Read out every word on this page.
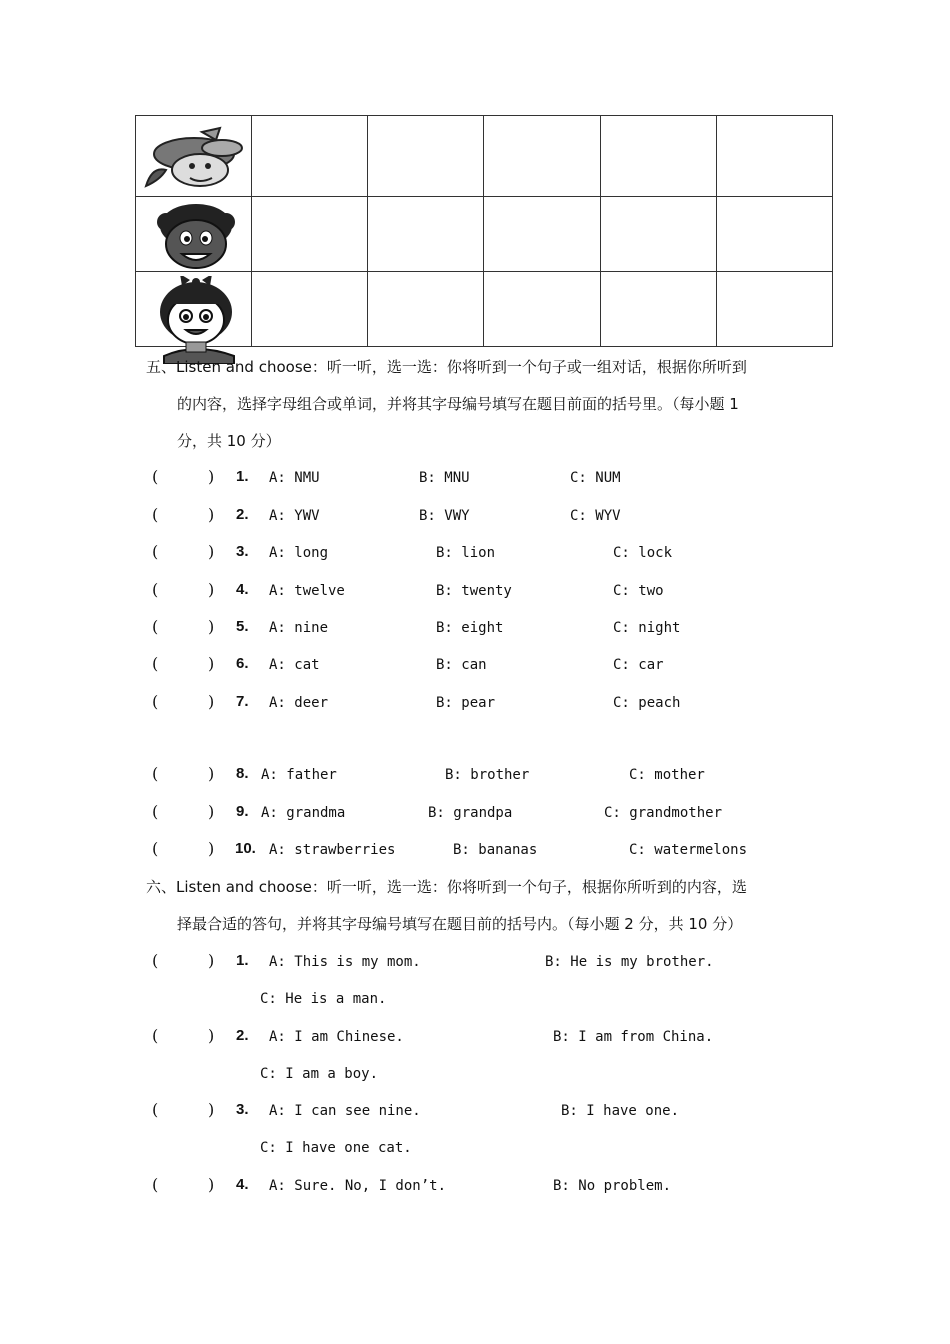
五、Listen and choose：听一听，选一选：你将听到一个句子或一组对话，根据你所听到
的内容，选择字母组合或单词，并将其字母编号填写在题目前面的括号里。（每小题 1
分，共 10 分）
(	) 1. A: NMU	B: MNU	C: NUM
(	) 2. A: YWV	B: VWY	C: WYV
(	) 3. A: long	B: lion	C: lock
(	) 4. A: twelve	B: twenty	C: two
(	) 5. A: nine	B: eight	C: night
(	) 6. A: cat	B: can	C: car
(	) 7. A: deer	B: pear	C: peach
(	) 8. A: father	B: brother	C: mother
(	) 9. A: grandma	B: grandpa	C: grandmother
(	) 10. A: strawberries	B: bananas	C: watermelons
六、Listen and choose：听一听，选一选：你将听到一个句子，根据你所听到的内容，选
择最合适的答句，并将其字母编号填写在题目前的括号内。（每小题 2 分，共 10 分）
(	) 1. A: This is my mom.	B: He is my brother.
C: He is a man.
(	) 2. A: I am Chinese.	B: I am from China.
C: I am a boy.
(	) 3. A: I can see nine.	B: I have one.
C: I have one cat.
(	) 4. A: Sure. No, I don’t.	B: No problem.
